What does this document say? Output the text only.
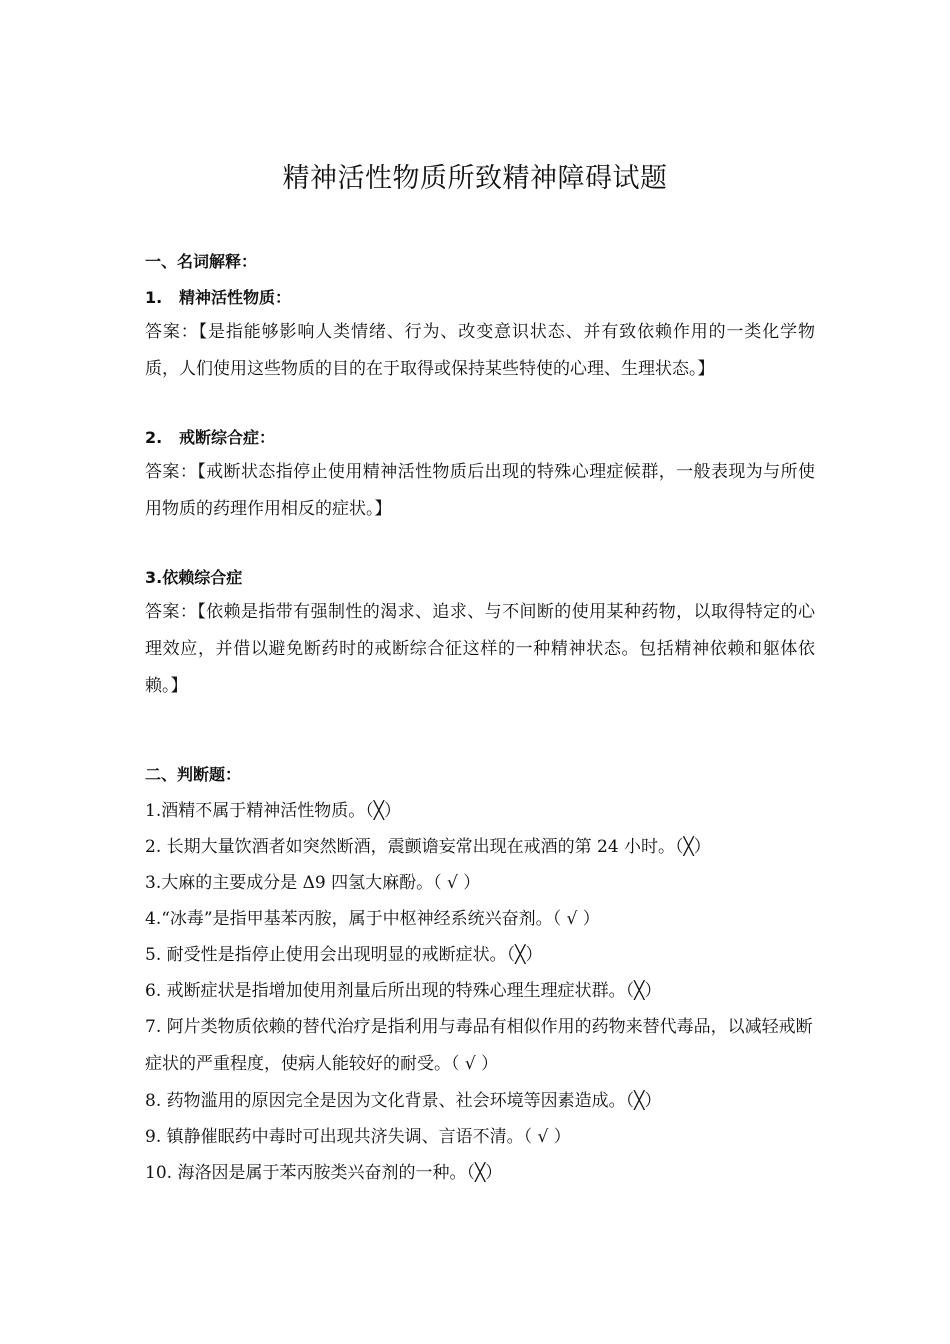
精神活性物质所致精神障碍试题
一、名词解释：
1. 精神活性物质：
答案：【是指能够影响人类情绪、行为、改变意识状态、并有致依赖作用的一类化学物质，人们使用这些物质的目的在于取得或保持某些特使的心理、生理状态。】
2. 戒断综合症：
答案：【戒断状态指停止使用精神活性物质后出现的特殊心理症候群，一般表现为与所使用物质的药理作用相反的症状。】
3.依赖综合症
答案：【依赖是指带有强制性的渴求、追求、与不间断的使用某种药物，以取得特定的心理效应，并借以避免断药时的戒断综合征这样的一种精神状态。包括精神依赖和躯体依赖。】
二、判断题：
1.酒精不属于精神活性物质。（╳）
2. 长期大量饮酒者如突然断酒，震颤谵妄常出现在戒酒的第 24 小时。（╳）
3.大麻的主要成分是 Δ9 四氢大麻酚。（ √ ）
4.“冰毒”是指甲基苯丙胺，属于中枢神经系统兴奋剂。（ √ ）
5. 耐受性是指停止使用会出现明显的戒断症状。（╳）
6. 戒断症状是指增加使用剂量后所出现的特殊心理生理症状群。（╳）
7. 阿片类物质依赖的替代治疗是指利用与毒品有相似作用的药物来替代毒品，以减轻戒断症状的严重程度，使病人能较好的耐受。（ √ ）
8. 药物滥用的原因完全是因为文化背景、社会环境等因素造成。（╳）
9. 镇静催眠药中毒时可出现共济失调、言语不清。（ √ ）
10. 海洛因是属于苯丙胺类兴奋剂的一种。（╳）
